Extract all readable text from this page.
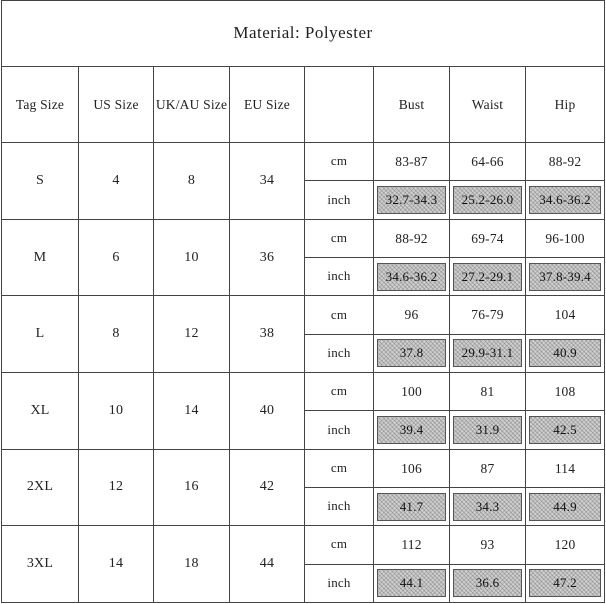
Material: Polyester							
Tag Size	US Size	UK/AU Size	EU Size		Bust	Waist	Hip
S	4	8	34	cm	83-87	64-66	88-92
				inch	32.7-34.3	25.2-26.0	34.6-36.2

M	6	10	36	cm	88-92	69-74	96-100
				inch	34.6-36.2	27.2-29.1	37.8-39.4

L	8	12	38	cm	96	76-79	104
				inch	37.8	29.9-31.1	40.9

XL	10	14	40	cm	100	81	108
				inch	39.4	31.9	42.5

2XL	12	16	42	cm	106	87	114
				inch	41.7	34.3	44.9

3XL	14	18	44	cm	112	93	120
				inch	44.1	36.6	47.2
